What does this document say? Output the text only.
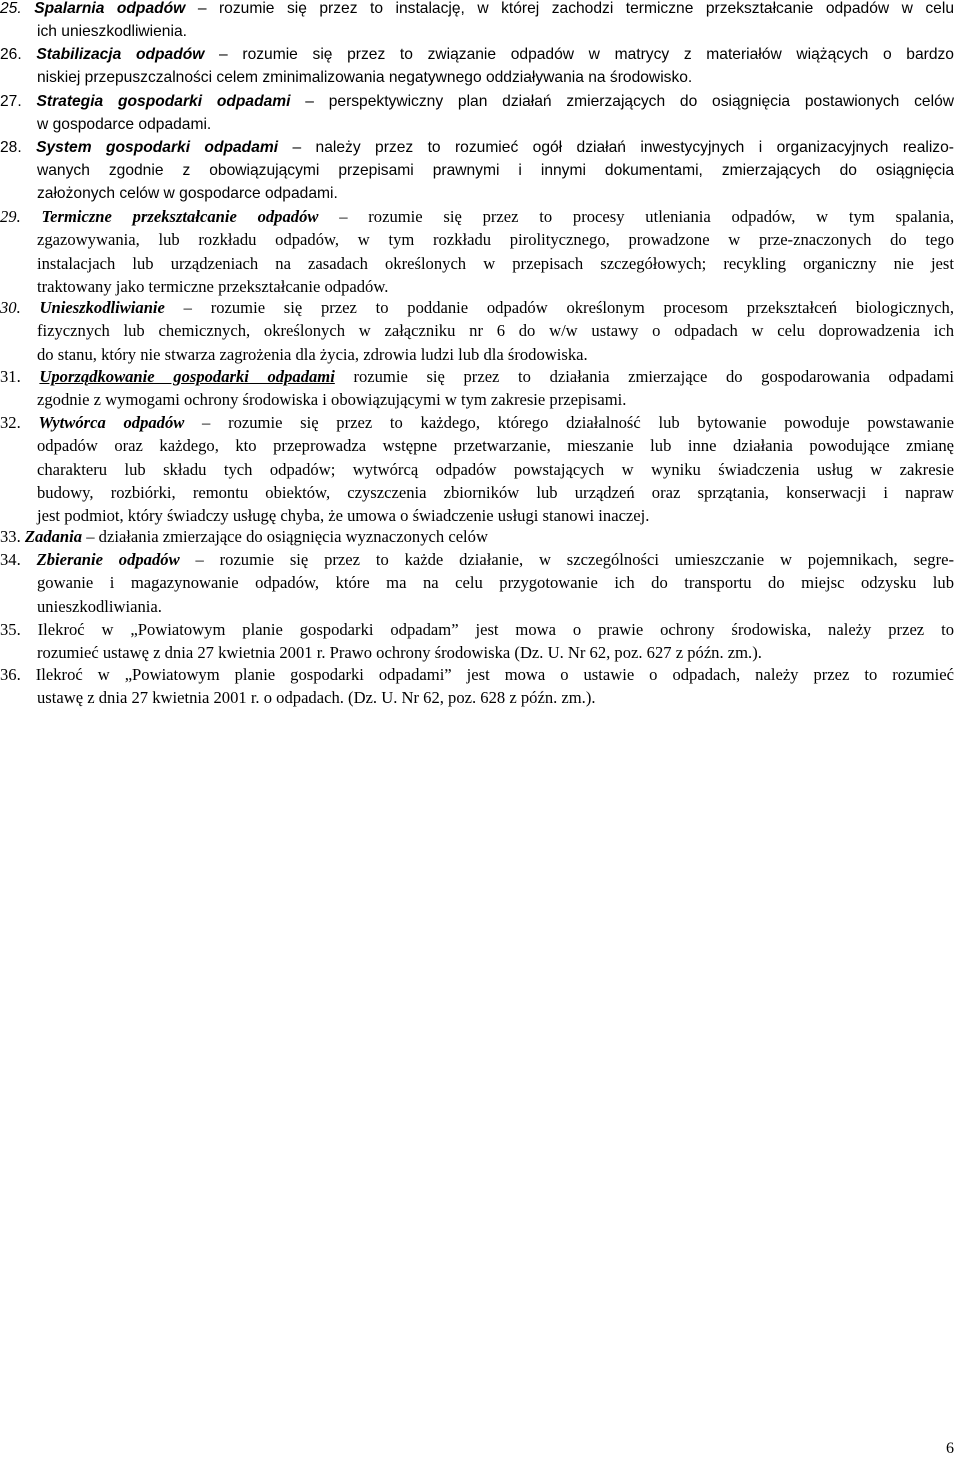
25. Spalarnia odpadów – rozumie się przez to instalację, w której zachodzi termiczne przekształcanie odpadów w celu
ich unieszkodliwienia.
26. Stabilizacja odpadów – rozumie się przez to związanie odpadów w matrycy z materiałów wiążących o bardzo
niskiej przepuszczalności celem zminimalizowania negatywnego oddziaływania na środowisko.
27. Strategia gospodarki odpadami – perspektywiczny plan działań zmierzających do osiągnięcia postawionych celów
w gospodarce odpadami.
28. System gospodarki odpadami – należy przez to rozumieć ogół działań inwestycyjnych i organizacyjnych realizo-
wanych zgodnie z obowiązującymi przepisami prawnymi i innymi dokumentami, zmierzających do osiągnięcia
założonych celów w gospodarce odpadami.
29. Termiczne przekształcanie odpadów – rozumie się przez to procesy utleniania odpadów, w tym spalania,
zgazowywania, lub rozkładu odpadów, w tym rozkładu pirolitycznego, prowadzone w prze-znaczonych do tego
instalacjach lub urządzeniach na zasadach określonych w przepisach szczegółowych; recykling organiczny nie jest
traktowany jako termiczne przekształcanie odpadów.
30. Unieszkodliwianie – rozumie się przez to poddanie odpadów określonym procesom przekształceń biologicznych,
fizycznych lub chemicznych, określonych w załączniku nr 6 do w/w ustawy o odpadach w celu doprowadzenia ich
do stanu, który nie stwarza zagrożenia dla życia, zdrowia ludzi lub dla środowiska.
31. Uporządkowanie gospodarki odpadami rozumie się przez to działania zmierzające do gospodarowania odpadami
zgodnie z wymogami ochrony środowiska i obowiązującymi w tym zakresie przepisami.
32. Wytwórca odpadów – rozumie się przez to każdego, którego działalność lub bytowanie powoduje powstawanie
odpadów oraz każdego, kto przeprowadza wstępne przetwarzanie, mieszanie lub inne działania powodujące zmianę
charakteru lub składu tych odpadów; wytwórcą odpadów powstających w wyniku świadczenia usług w zakresie
budowy, rozbiórki, remontu obiektów, czyszczenia zbiorników lub urządzeń oraz sprzątania, konserwacji i napraw
jest podmiot, który świadczy usługę chyba, że umowa o świadczenie usługi stanowi inaczej.
33. Zadania – działania zmierzające do osiągnięcia wyznaczonych celów
34. Zbieranie odpadów – rozumie się przez to każde działanie, w szczególności umieszczanie w pojemnikach, segre-
gowanie i magazynowanie odpadów, które ma na celu przygotowanie ich do transportu do miejsc odzysku lub
unieszkodliwiania.
35. Ilekroć w „Powiatowym planie gospodarki odpadam” jest mowa o prawie ochrony środowiska, należy przez to
rozumieć ustawę z dnia 27 kwietnia 2001 r. Prawo ochrony środowiska (Dz. U. Nr 62, poz. 627 z późn. zm.).
36. Ilekroć w „Powiatowym planie gospodarki odpadami” jest mowa o ustawie o odpadach, należy przez to rozumieć
ustawę z dnia 27 kwietnia 2001 r. o odpadach. (Dz. U. Nr 62, poz. 628 z późn. zm.).
6
